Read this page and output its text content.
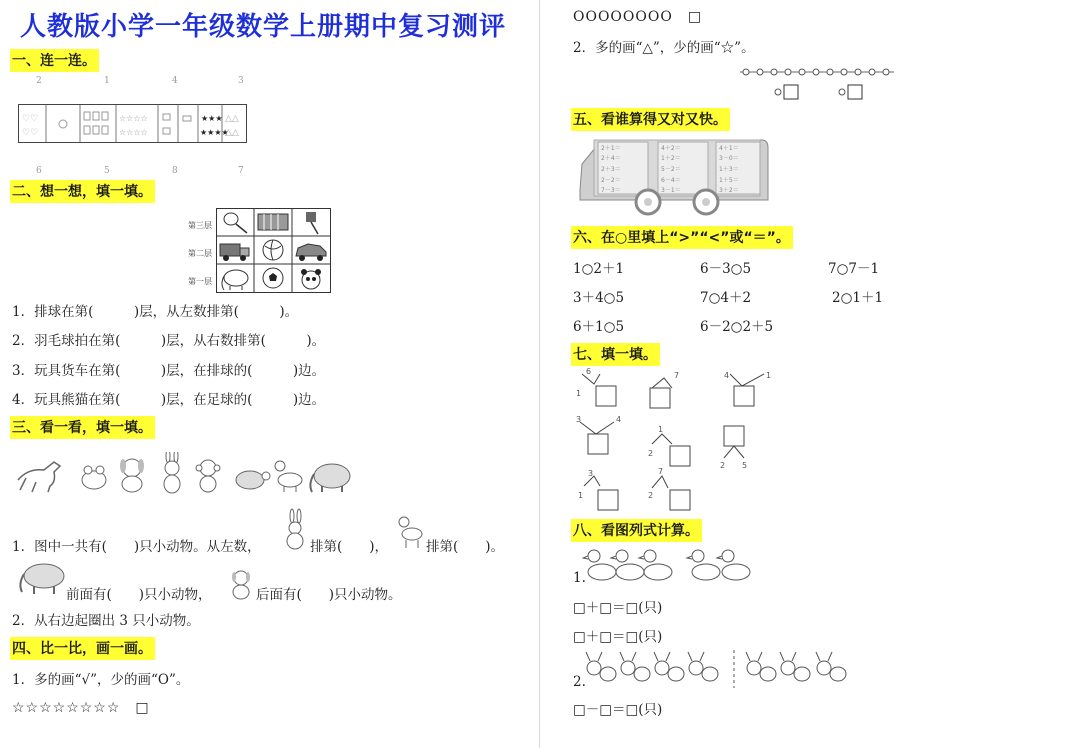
人教版小学一年级数学上册期中复习测评
一、连一连。
2	1	4	3
♡♡
♡♡
☆☆☆☆
☆☆☆☆
★★★
★★★★
△△
△△
6	5	8	7
二、想一想，填一填。
第三层
第二层
第一层
1．排球在第(　　　)层，从左数排第(　　　)。
2．羽毛球拍在第(　　　)层，从右数排第(　　　)。
3．玩具货车在第(　　　)层，在排球的(　　　)边。
4．玩具熊猫在第(　　　)层，在足球的(　　　)边。
三、看一看，填一填。
1．图中一共有(　　)只小动物。从左数，	排第(　　)，	排第(　　)。
前面有(　　)只小动物，	后面有(　　)只小动物。
2．从右边起圈出 3 只小动物。
四、比一比，画一画。
1．多的画“√”，少的画“O”。
☆☆☆☆☆☆☆☆　□
OOOOOOOO　□
2．多的画“△”，少的画“☆”。
五、看谁算得又对又快。
2＋1＝
2＋4＝
2＋3＝
2－2＝
7－3＝
4＋2＝
1＋2＝
5－2＝
6－4＝
3－1＝
4＋1＝
3－0＝
1＋3＝
1＋5＝
3＋2＝
六、在○里填上“>”“<”或“＝”。
1○2＋1	6－3○5	7○7－1
3＋4○5	7○4＋2	2○1＋1
6＋1○5	6－2○2＋5
七、填一填。
6
1
7	4	1
3	4
1
2
2 5
3
1
7
2
八、看图列式计算。
1.
□＋□＝□(只)
□＋□＝□(只)
2.
□－□＝□(只)
